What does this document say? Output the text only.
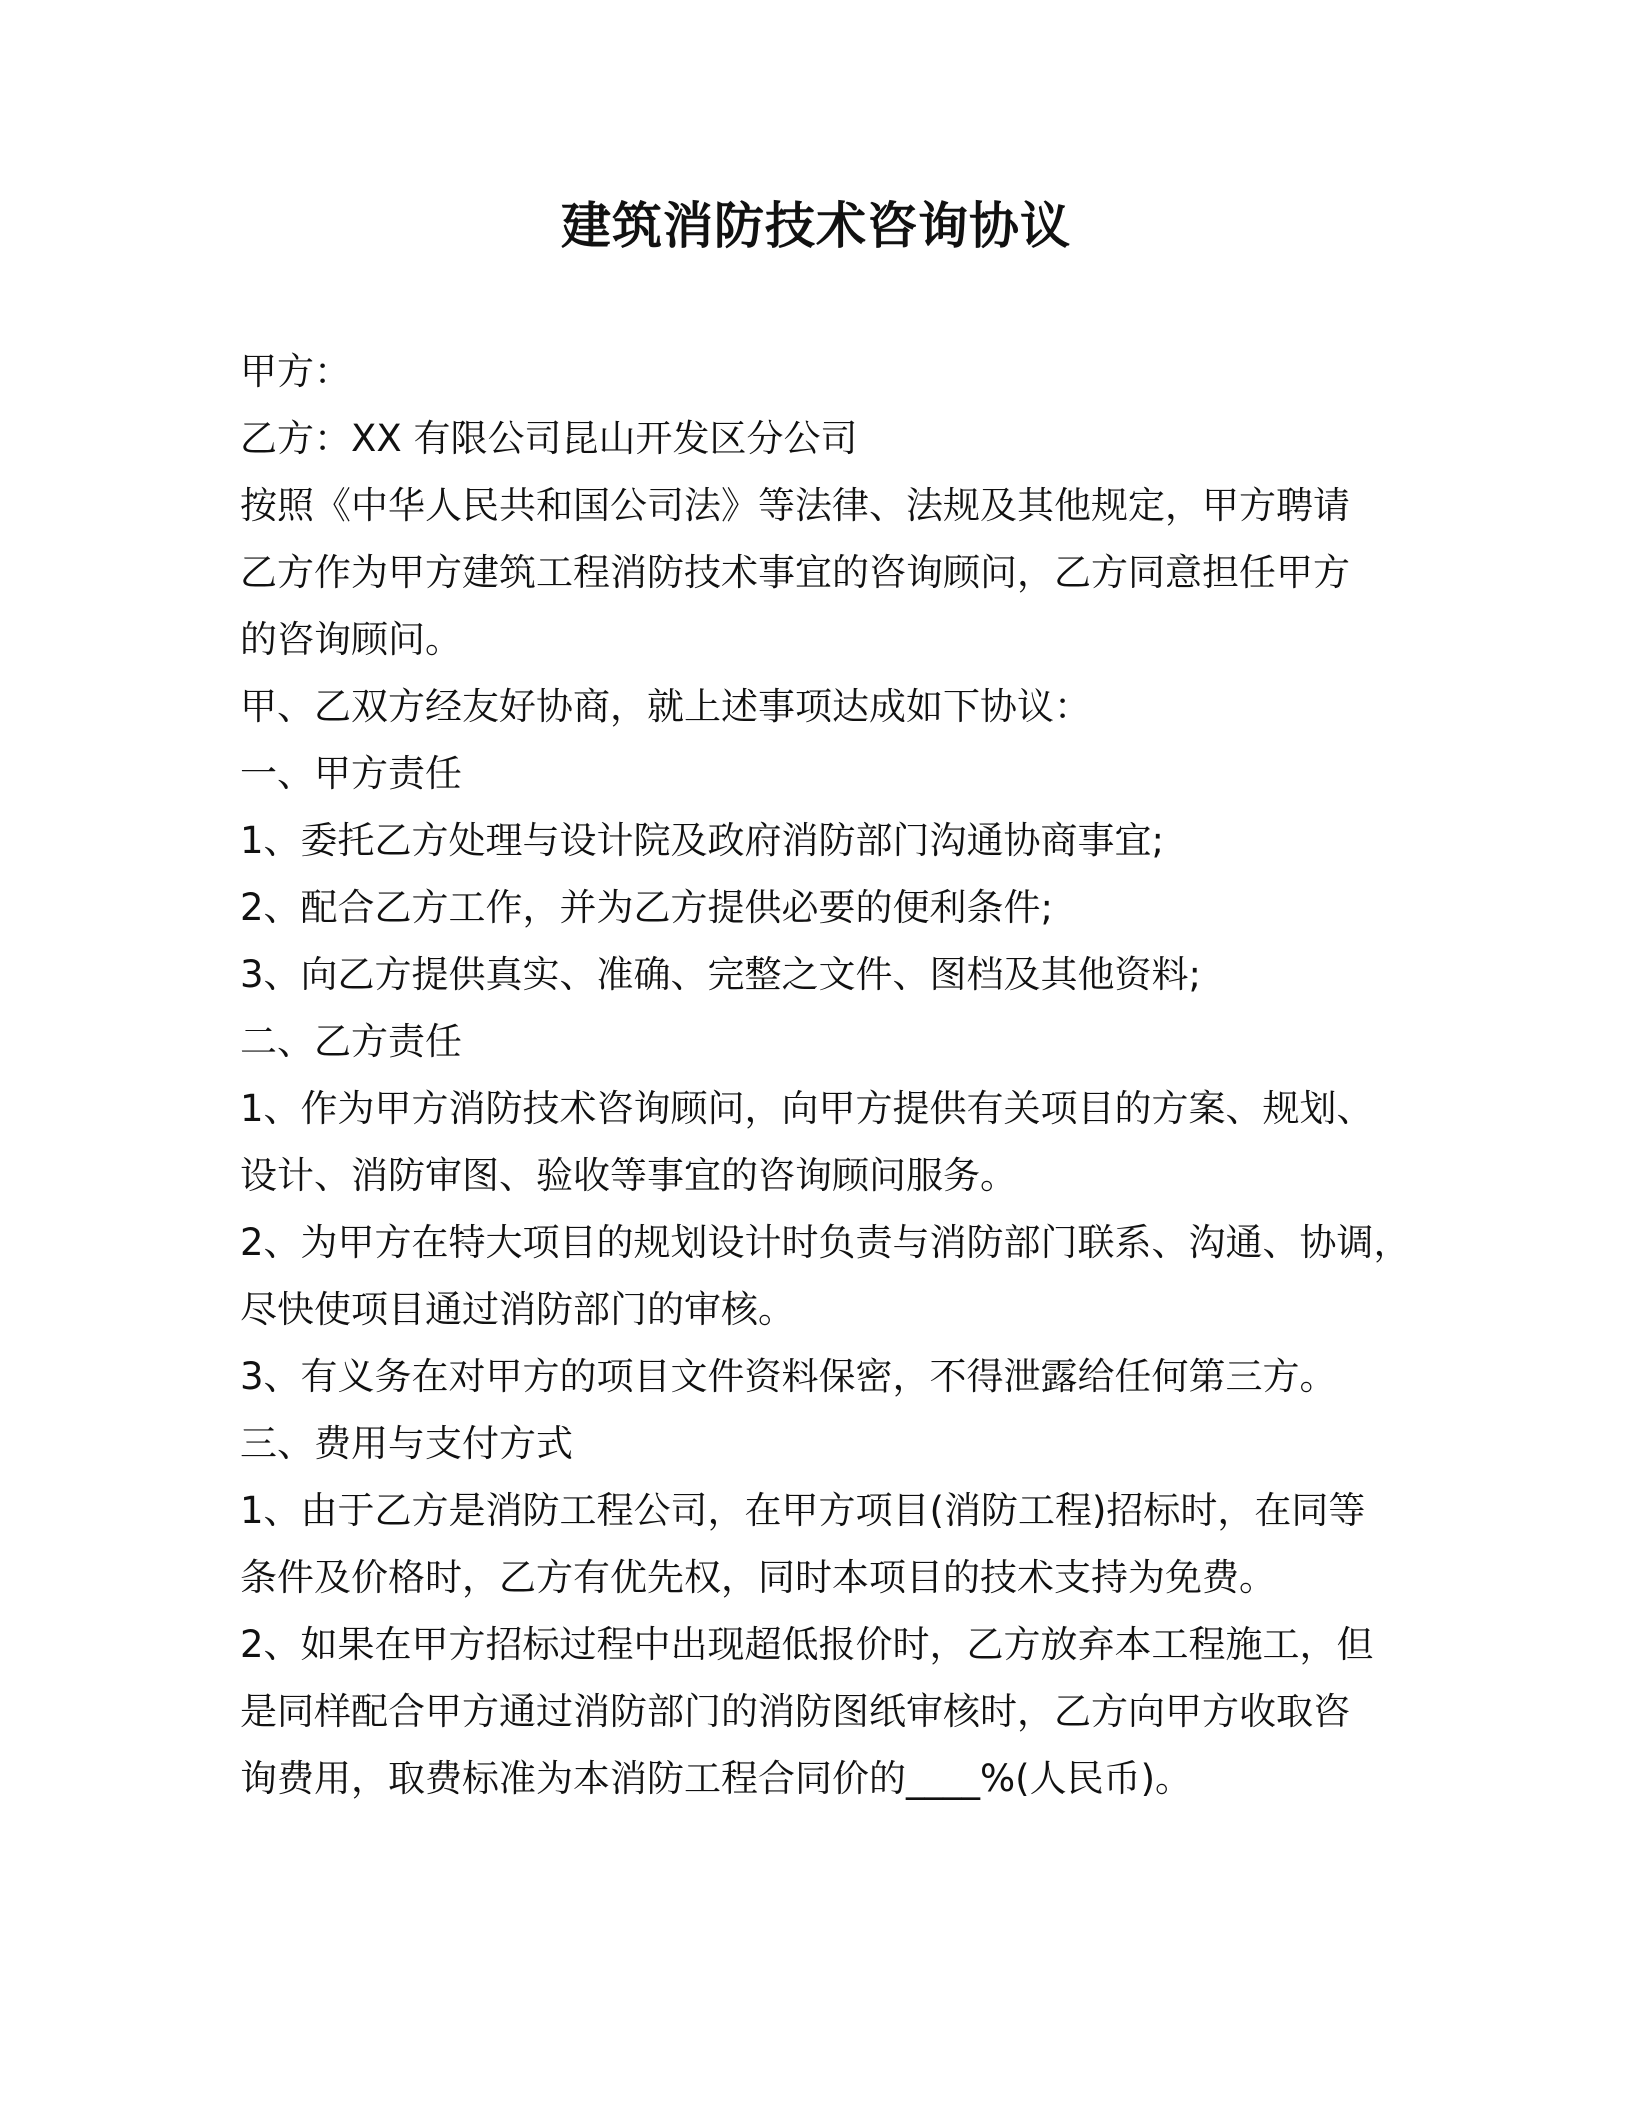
建筑消防技术咨询协议
甲方：
乙方：XX 有限公司昆山开发区分公司
按照《中华人民共和国公司法》等法律、法规及其他规定，甲方聘请
乙方作为甲方建筑工程消防技术事宜的咨询顾问，乙方同意担任甲方
的咨询顾问。
甲、乙双方经友好协商，就上述事项达成如下协议：
一、甲方责任
1、委托乙方处理与设计院及政府消防部门沟通协商事宜;
2、配合乙方工作，并为乙方提供必要的便利条件;
3、向乙方提供真实、准确、完整之文件、图档及其他资料;
二、乙方责任
1、作为甲方消防技术咨询顾问，向甲方提供有关项目的方案、规划、
设计、消防审图、验收等事宜的咨询顾问服务。
2、为甲方在特大项目的规划设计时负责与消防部门联系、沟通、协调，
尽快使项目通过消防部门的审核。
3、有义务在对甲方的项目文件资料保密，不得泄露给任何第三方。
三、费用与支付方式
1、由于乙方是消防工程公司，在甲方项目(消防工程)招标时，在同等
条件及价格时，乙方有优先权，同时本项目的技术支持为免费。
2、如果在甲方招标过程中出现超低报价时，乙方放弃本工程施工，但
是同样配合甲方通过消防部门的消防图纸审核时，乙方向甲方收取咨
询费用，取费标准为本消防工程合同价的____%(人民币)。
